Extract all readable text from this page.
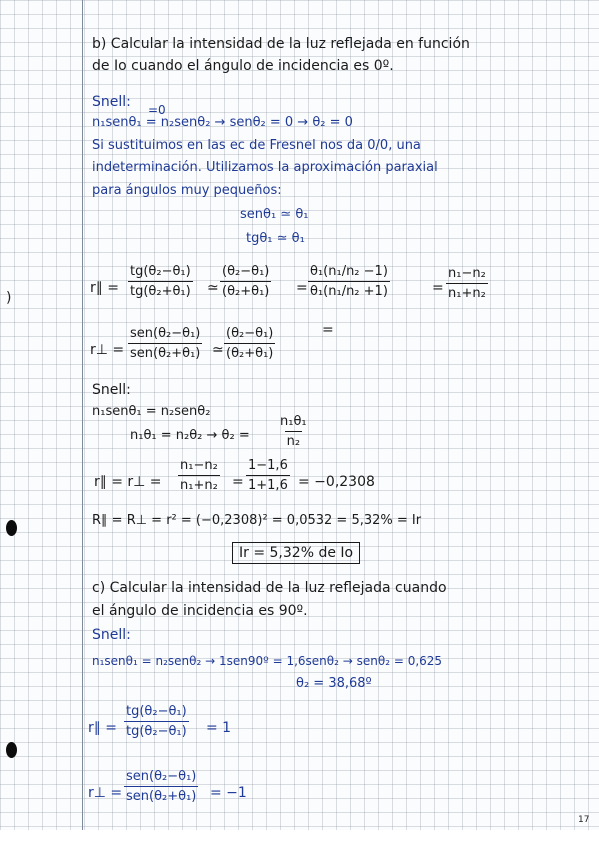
)
b) Calcular la intensidad de la luz reflejada en función
de Io cuando el ángulo de incidencia es 0º.
Snell: =0
n₁senθ₁ = n₂senθ₂ → senθ₂ = 0 → θ₂ = 0
Si sustituimos en las ec de Fresnel nos da 0/0, una
indeterminación. Utilizamos la aproximación paraxial
para ángulos muy pequeños:
senθ₁ ≃ θ₁
tgθ₁ ≃ θ₁
r∥ = $\frac{\text{tg(θ₂−θ₁)}}{\text{tg(θ₂+θ₁)}}$ ≃ $\frac{\text{(θ₂−θ₁)}}{\text{(θ₂+θ₁)}} = \frac{\text{θ₁(n₁/n₂ −1)}}{\text{θ₁(n₁/n₂ +1)}}$	= $\frac{\text{n₁−n₂}}{\text{n₁+n₂}}$
r⊥ =
sen(θ₂−θ₁)
sen(θ₂+θ₁) ≃ $\frac{\text{(θ₂−θ₁)}}{\text{(θ₂+θ₁)}}$	=
Snell:
n₁senθ₁ = n₂senθ₂
$n_1\theta_1 = n_2\theta_2 \to \theta_2 = \frac{\text{n₁θ₁}}{\text{n₂}}$
r∥ = r⊥ = $\frac{\text{n₁−n₂}}{\text{n₁+n₂}} = \frac{1-1,6}{1+1,6} = -0,2308$
R∥ = R⊥ = r² = (−0,2308)² = 0,0532 = 5,32% = Ir
Ir = 5,32% de Io
c) Calcular la intensidad de la luz reflejada cuando
el ángulo de incidencia es 90º.
Snell:
n₁senθ₁ = n₂senθ₂ → 1sen90º = 1,6senθ₂ → senθ₂ = 0,625
θ₂ = 38,68º
r∥ = $\frac{\text{tg(θ₂−θ₁)}}{\text{tg(θ₂−θ₁)}} = 1$
r⊥ =
sen(θ₂−θ₁)
sen(θ₂+θ₁) = −1
17
